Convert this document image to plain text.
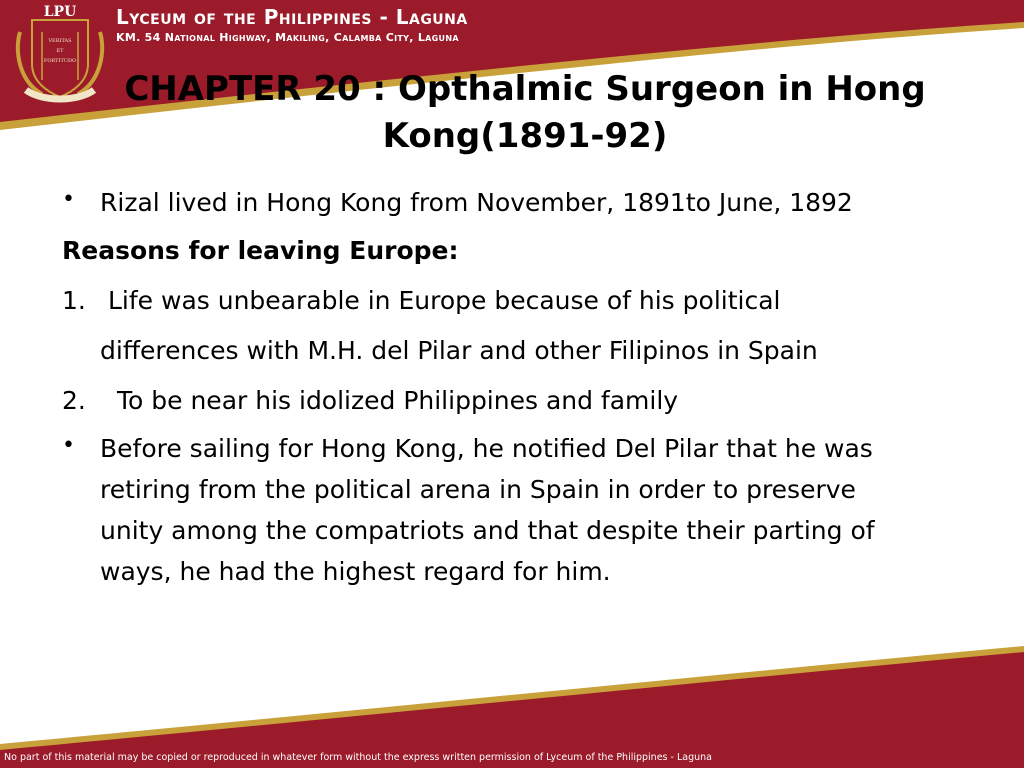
LPU
VERITAS
ET
FORTITUDO
Lyceum of the Philippines - Laguna
KM. 54 National Highway, Makiling, Calamba City, Laguna
CHAPTER 20 : Opthalmic Surgeon in Hong
Kong(1891-92)
• Rizal lived in Hong Kong from November, 1891to June, 1892
Reasons for leaving Europe:
1. Life was unbearable in Europe because of his political
differences with M.H. del Pilar and other Filipinos in Spain
2. To be near his idolized Philippines and family
• Before sailing for Hong Kong, he notified Del Pilar that he was
retiring from the political arena in Spain in order to preserve
unity among the compatriots and that despite their parting of
ways, he had the highest regard for him.
No part of this material may be copied or reproduced in whatever form without the express written permission of Lyceum of the Philippines - Laguna
